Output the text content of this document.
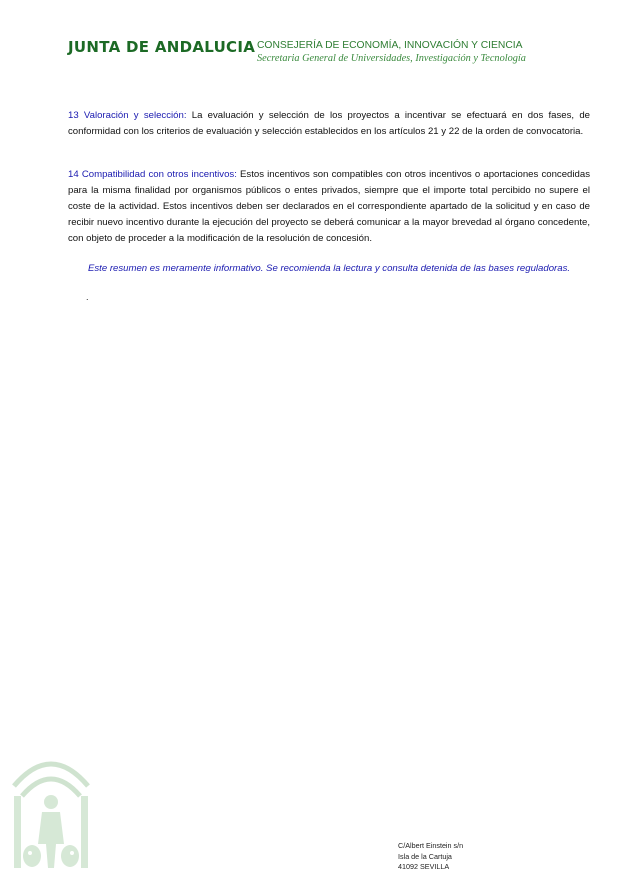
JUNTA DE ANDALUCIA CONSEJERÍA DE ECONOMÍA, INNOVACIÓN Y CIENCIA
Secretaria General de Universidades, Investigación y Tecnología

13 Valoración y selección: La evaluación y selección de los proyectos a incentivar se efectuará en dos fases, de conformidad con los criterios de evaluación y selección establecidos en los artículos 21 y 22 de la orden de convocatoria.

14 Compatibilidad con otros incentivos: Estos incentivos son compatibles con otros incentivos o aportaciones concedidas para la misma finalidad por organismos públicos o entes privados, siempre que el importe total percibido no supere el coste de la actividad. Estos incentivos deben ser declarados en el correspondiente apartado de la solicitud y en caso de recibir nuevo incentivo durante la ejecución del proyecto se deberá comunicar a la mayor brevedad al órgano concedente, con objeto de proceder a la modificación de la resolución de concesión.

Este resumen es meramente informativo. Se recomienda la lectura y consulta detenida de las bases reguladoras.

.
C/Albert Einstein s/n
Isla de la Cartuja
41092 SEVILLA
